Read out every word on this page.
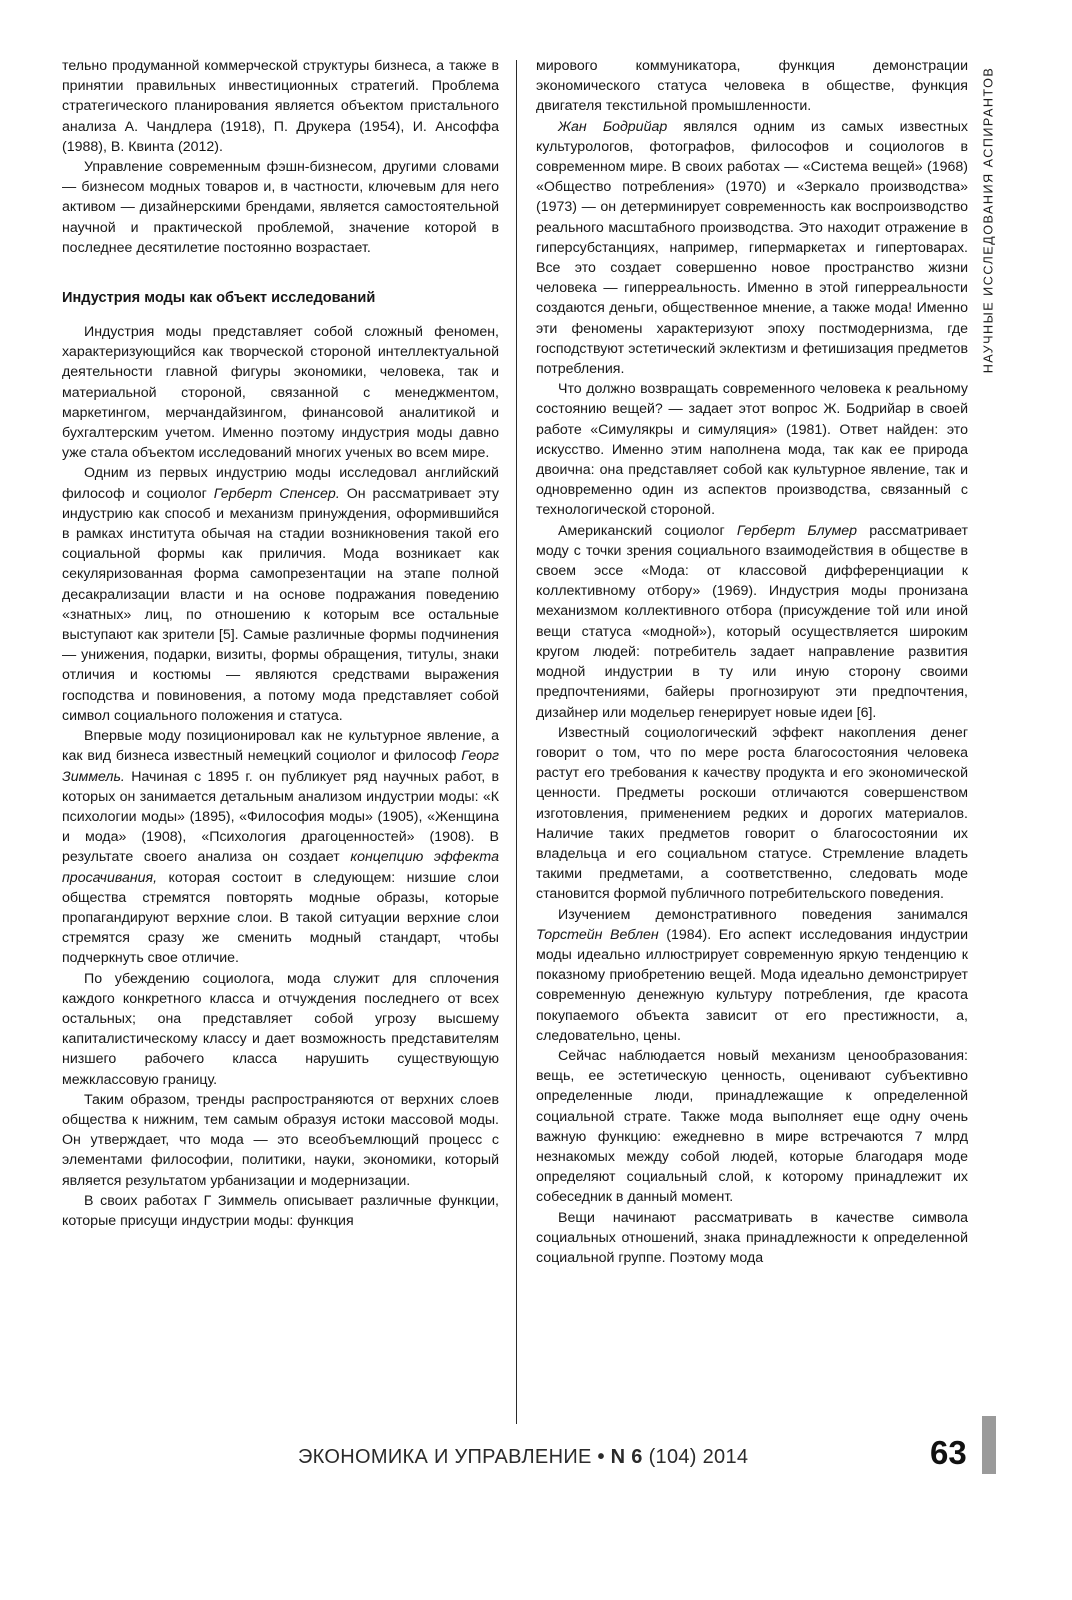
НАУЧНЫЕ ИССЛЕДОВАНИЯ АСПИРАНТОВ

тельно продуманной коммерческой структуры бизнеса, а также в принятии правильных инвестиционных стратегий. Проблема стратегического планирования является объектом пристального анализа А. Чандлера (1918), П. Друкера (1954), И. Ансоффа (1988), В. Квинта (2012).

Управление современным фэшн-бизнесом, другими словами — бизнесом модных товаров и, в частности, ключевым для него активом — дизайнерскими брендами, является самостоятельной научной и практической проблемой, значение которой в последнее десятилетие постоянно возрастает.

Индустрия моды как объект исследований

Индустрия моды представляет собой сложный феномен, характеризующийся как творческой стороной интеллектуальной деятельности главной фигуры экономики, человека, так и материальной стороной, связанной с менеджментом, маркетингом, мерчандайзингом, финансовой аналитикой и бухгалтерским учетом. Именно поэтому индустрия моды давно уже стала объектом исследований многих ученых во всем мире.

Одним из первых индустрию моды исследовал английский философ и социолог Герберт Спенсер. Он рассматривает эту индустрию как способ и механизм принуждения, оформившийся в рамках института обычая на стадии возникновения такой его социальной формы как приличия. Мода возникает как секуляризованная форма самопрезентации на этапе полной десакрализации власти и на основе подражания поведению «знатных» лиц, по отношению к которым все остальные выступают как зрители [5]. Самые различные формы подчинения — унижения, подарки, визиты, формы обращения, титулы, знаки отличия и костюмы — являются средствами выражения господства и повиновения, а потому мода представляет собой символ социального положения и статуса.

Впервые моду позиционировал как не культурное явление, а как вид бизнеса известный немецкий социолог и философ Георг Зиммель. Начиная с 1895 г. он публикует ряд научных работ, в которых он занимается детальным анализом индустрии моды: «К психологии моды» (1895), «Философия моды» (1905), «Женщина и мода» (1908), «Психология драгоценностей» (1908). В результате своего анализа он создает концепцию эффекта просачивания, которая состоит в следующем: низшие слои общества стремятся повторять модные образы, которые пропагандируют верхние слои. В такой ситуации верхние слои стремятся сразу же сменить модный стандарт, чтобы подчеркнуть свое отличие.

По убеждению социолога, мода служит для сплочения каждого конкретного класса и отчуждения последнего от всех остальных; она представляет собой угрозу высшему капиталистическому классу и дает возможность представителям низшего рабочего класса нарушить существующую межклассовую границу.

Таким образом, тренды распространяются от верхних слоев общества к нижним, тем самым образуя истоки массовой моды. Он утверждает, что мода — это всеобъемлющий процесс с элементами философии, политики, науки, экономики, который является результатом урбанизации и модернизации.

В своих работах Г Зиммель описывает различные функции, которые присущи индустрии моды: функция

мирового коммуникатора, функция демонстрации экономического статуса человека в обществе, функция двигателя текстильной промышленности.

Жан Бодрийар являлся одним из самых известных культурологов, фотографов, философов и социологов в современном мире. В своих работах — «Система вещей» (1968) «Общество потребления» (1970) и «Зеркало производства» (1973) — он детерминирует современность как воспроизводство реального масштабного производства. Это находит отражение в гиперсубстанциях, например, гипермаркетах и гипертоварах. Все это создает совершенно новое пространство жизни человека — гиперреальность. Именно в этой гиперреальности создаются деньги, общественное мнение, а также мода! Именно эти феномены характеризуют эпоху постмодернизма, где господствуют эстетический эклектизм и фетишизация предметов потребления.

Что должно возвращать современного человека к реальному состоянию вещей? — задает этот вопрос Ж. Бодрийар в своей работе «Симулякры и симуляция» (1981). Ответ найден: это искусство. Именно этим наполнена мода, так как ее природа двоична: она представляет собой как культурное явление, так и одновременно один из аспектов производства, связанный с технологической стороной.

Американский социолог Герберт Блумер рассматривает моду с точки зрения социального взаимодействия в обществе в своем эссе «Мода: от классовой дифференциации к коллективному отбору» (1969). Индустрия моды пронизана механизмом коллективного отбора (присуждение той или иной вещи статуса «модной»), который осуществляется широким кругом людей: потребитель задает направление развития модной индустрии в ту или иную сторону своими предпочтениями, байеры прогнозируют эти предпочтения, дизайнер или модельер генерирует новые идеи [6].

Известный социологический эффект накопления денег говорит о том, что по мере роста благосостояния человека растут его требования к качеству продукта и его экономической ценности. Предметы роскоши отличаются совершенством изготовления, применением редких и дорогих материалов. Наличие таких предметов говорит о благосостоянии их владельца и его социальном статусе. Стремление владеть такими предметами, а соответственно, следовать моде становится формой публичного потребительского поведения.

Изучением демонстративного поведения занимался Торстейн Веблен (1984). Его аспект исследования индустрии моды идеально иллюстрирует современную яркую тенденцию к показному приобретению вещей. Мода идеально демонстрирует современную денежную культуру потребления, где красота покупаемого объекта зависит от его престижности, а, следовательно, цены.

Сейчас наблюдается новый механизм ценообразования: вещь, ее эстетическую ценность, оценивают субъективно определенные люди, принадлежащие к определенной социальной страте. Также мода выполняет еще одну очень важную функцию: ежедневно в мире встречаются 7 млрд незнакомых между собой людей, которые благодаря моде определяют социальный слой, к которому принадлежит их собеседник в данный момент.

Вещи начинают рассматривать в качестве символа социальных отношений, знака принадлежности к определенной социальной группе. Поэтому мода

ЭКОНОМИКА И УПРАВЛЕНИЕ • N 6 (104) 2014	63
